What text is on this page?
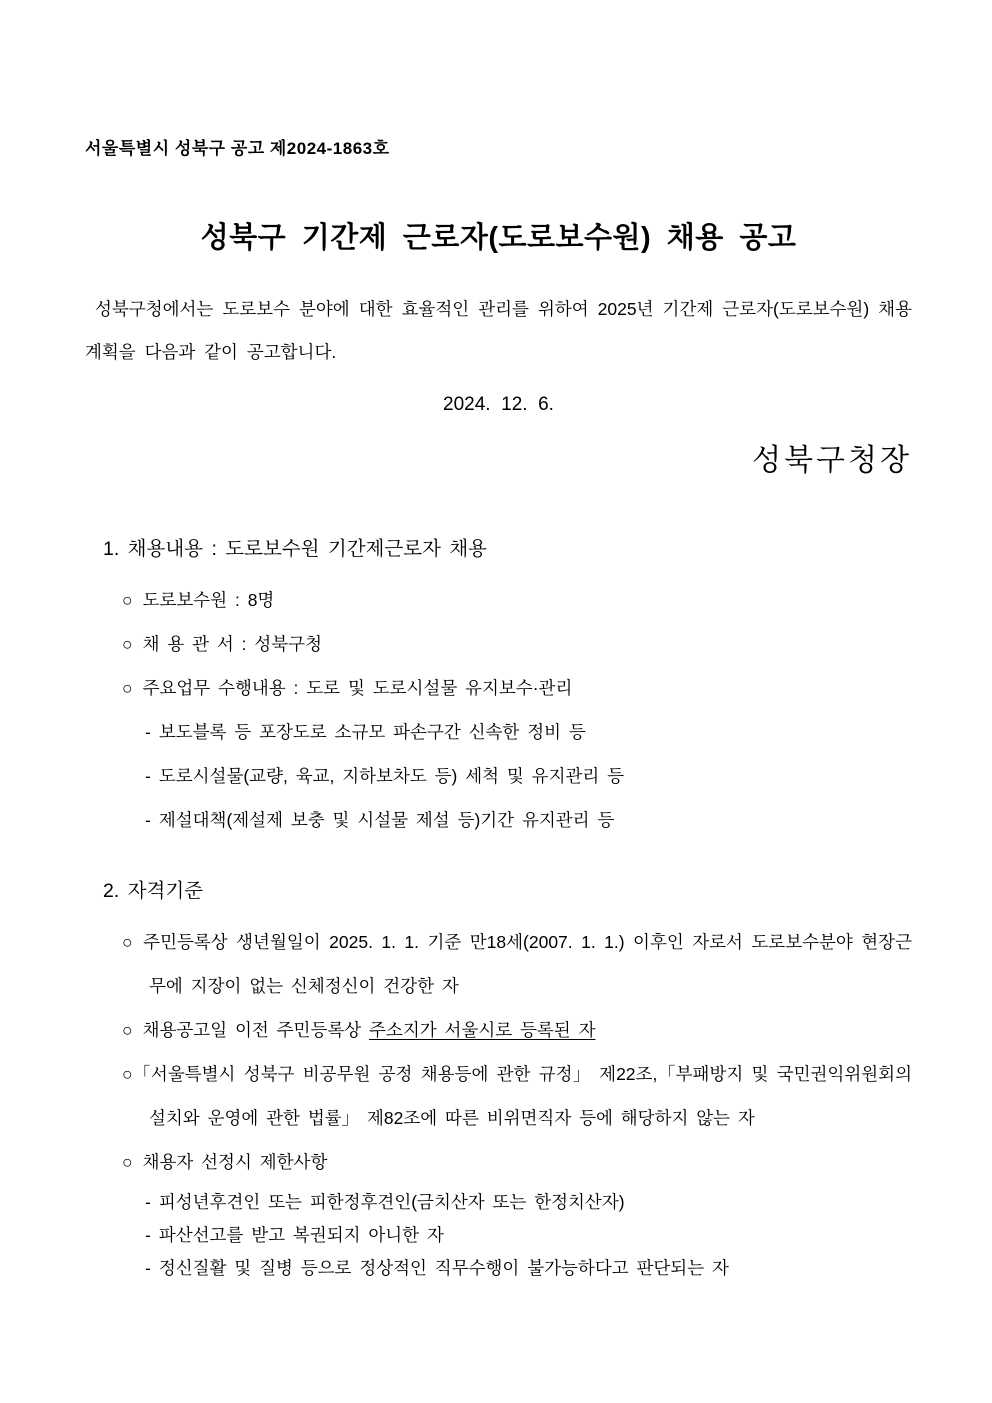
서울특별시 성북구 공고 제2024-1863호
성북구 기간제 근로자(도로보수원) 채용 공고

성북구청에서는 도로보수 분야에 대한 효율적인 관리를 위하여 2025년 기간제 근로자(도로보수원) 채용 계획을 다음과 같이 공고합니다.

2024.  12.  6.
성북구청장
1. 채용내용 : 도로보수원 기간제근로자 채용
○ 도로보수원 : 8명
○ 채 용 관 서 : 성북구청
○ 주요업무 수행내용 : 도로 및 도로시설물 유지보수·관리
- 보도블록 등 포장도로 소규모 파손구간 신속한 정비 등
- 도로시설물(교량, 육교, 지하보차도 등) 세척 및 유지관리 등
- 제설대책(제설제 보충 및 시설물 제설 등)기간 유지관리 등
2. 자격기준
○ 주민등록상 생년월일이 2025. 1. 1. 기준 만18세(2007. 1. 1.) 이후인 자로서 도로보수분야 현장근무에 지장이 없는 신체정신이 건강한 자
○ 채용공고일 이전 주민등록상 주소지가 서울시로 등록된 자
○「서울특별시 성북구 비공무원 공정 채용등에 관한 규정」 제22조,「부패방지 및 국민권익위원회의 설치와 운영에 관한 법률」 제82조에 따른 비위면직자 등에 해당하지 않는 자
○ 채용자 선정시 제한사항
- 피성년후견인 또는 피한정후견인(금치산자 또는 한정치산자)
- 파산선고를 받고 복권되지 아니한 자
- 정신질활 및 질병 등으로 정상적인 직무수행이 불가능하다고 판단되는 자
